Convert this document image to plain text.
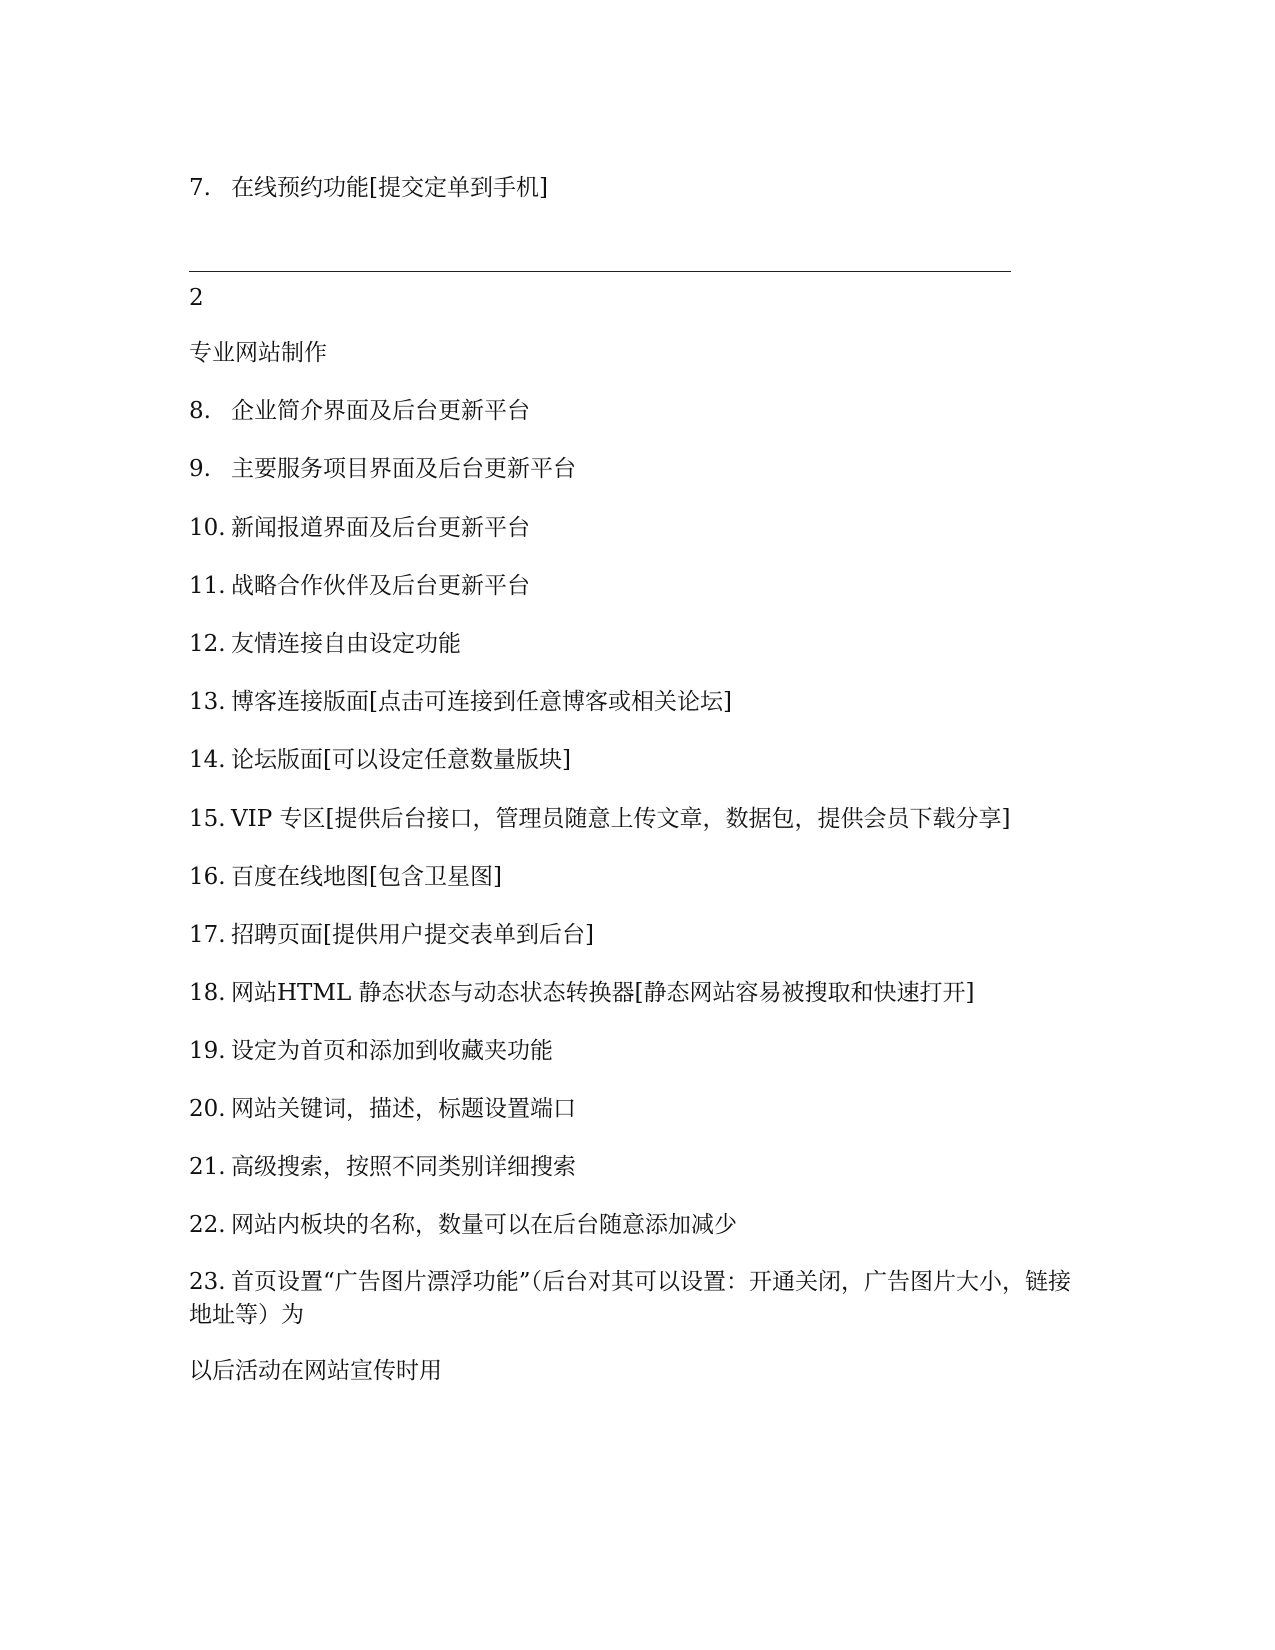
7. 在线预约功能[提交定单到手机]
2
专业网站制作
8. 企业简介界面及后台更新平台
9. 主要服务项目界面及后台更新平台
10. 新闻报道界面及后台更新平台
11. 战略合作伙伴及后台更新平台
12. 友情连接自由设定功能
13. 博客连接版面[点击可连接到任意博客或相关论坛]
14. 论坛版面[可以设定任意数量版块]
15. VIP 专区[提供后台接口，管理员随意上传文章，数据包，提供会员下载分享]
16. 百度在线地图[包含卫星图]
17. 招聘页面[提供用户提交表单到后台]
18. 网站HTML 静态状态与动态状态转换器[静态网站容易被搜取和快速打开]
19. 设定为首页和添加到收藏夹功能
20. 网站关键词，描述，标题设置端口
21. 高级搜索，按照不同类别详细搜索
22. 网站内板块的名称，数量可以在后台随意添加减少
23. 首页设置“广告图片漂浮功能”（后台对其可以设置：开通关闭，广告图片大小，链接地址等）为
以后活动在网站宣传时用
